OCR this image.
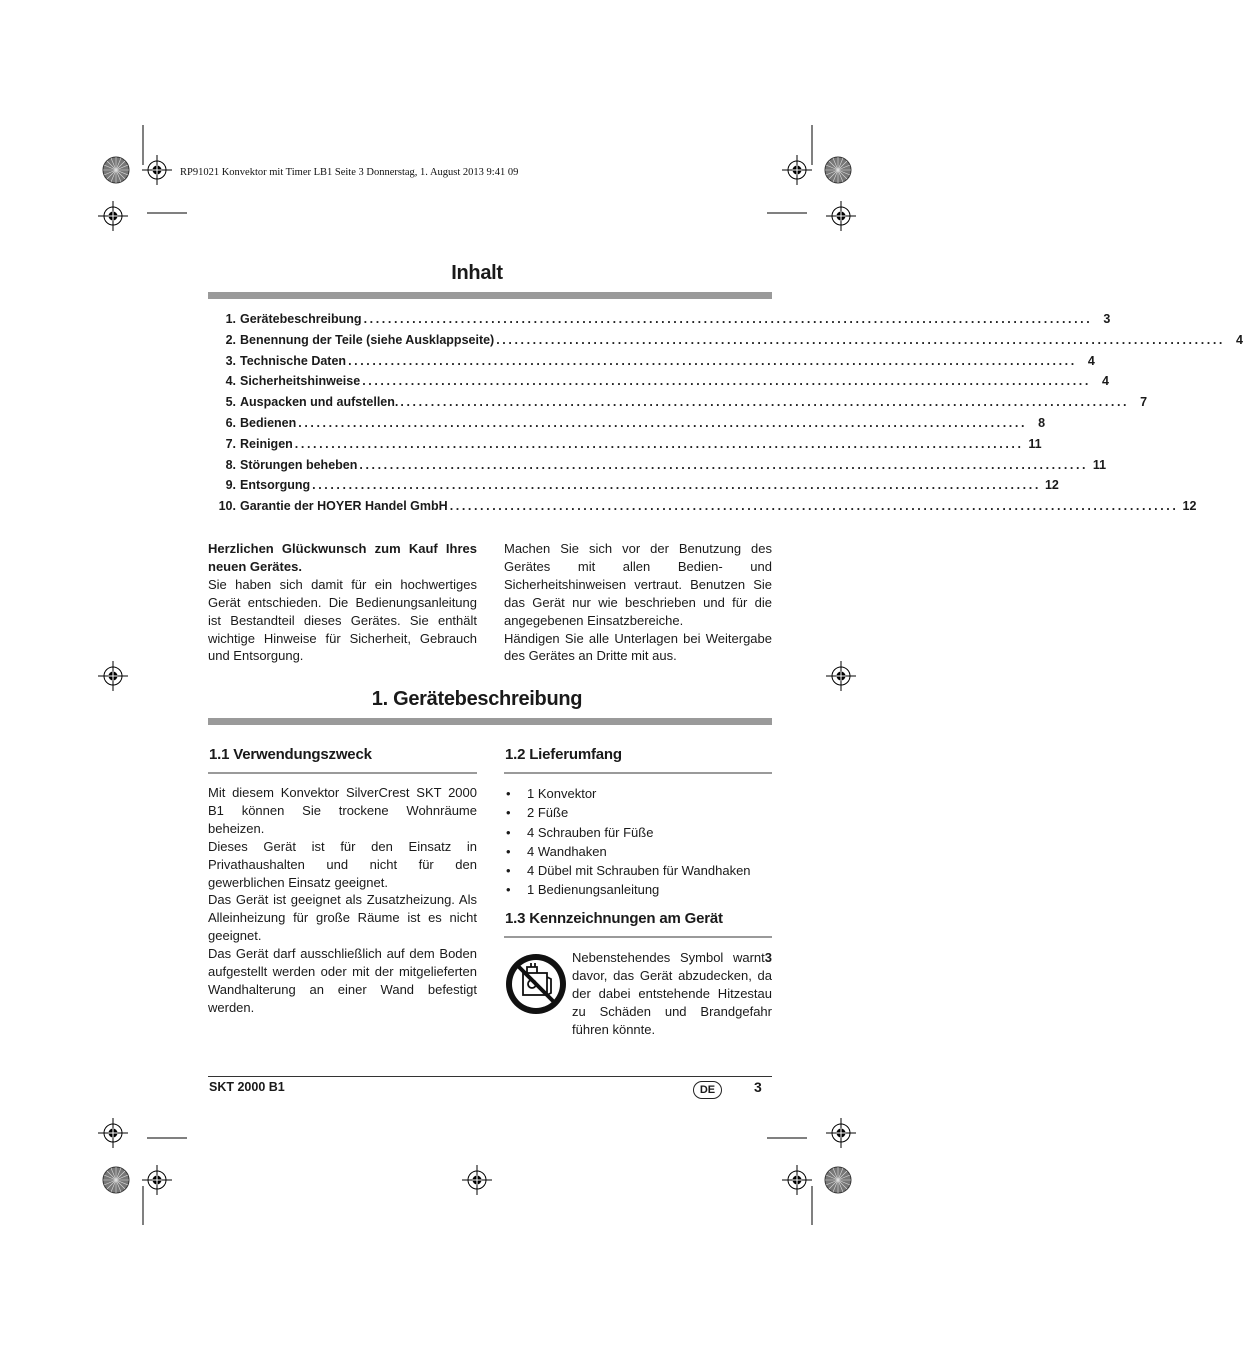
RP91021 Konvektor mit Timer LB1 Seite 3 Donnerstag, 1. August 2013 9:41 09
Inhalt
1. Gerätebeschreibung ........................................................................................................................ 3
2. Benennung der Teile (siehe Ausklappseite) ........................................................................................................................ 4
3. Technische Daten ........................................................................................................................ 4
4. Sicherheitshinweise ........................................................................................................................ 4
5. Auspacken und aufstellen. ........................................................................................................................ 7
6. Bedienen ........................................................................................................................ 8
7. Reinigen ........................................................................................................................ 11
8. Störungen beheben ........................................................................................................................ 11
9. Entsorgung ........................................................................................................................ 12
10. Garantie der HOYER Handel GmbH ........................................................................................................................ 12

Herzlichen Glückwunsch zum Kauf Ihres neuen Gerätes.

Sie haben sich damit für ein hochwertiges Gerät entschieden. Die Bedienungsanleitung ist Bestandteil dieses Gerätes. Sie enthält wichtige Hinweise für Sicherheit, Gebrauch und Entsorgung.

Machen Sie sich vor der Benutzung des Gerätes mit allen Bedien- und Sicherheitshinweisen vertraut. Benutzen Sie das Gerät nur wie beschrieben und für die angegebenen Einsatzbereiche.

Händigen Sie alle Unterlagen bei Weitergabe des Gerätes an Dritte mit aus.

1. Gerätebeschreibung
1.1 Verwendungszweck

Mit diesem Konvektor SilverCrest SKT 2000 B1 können Sie trockene Wohnräume beheizen.

Dieses Gerät ist für den Einsatz in Privathaushalten und nicht für den gewerblichen Einsatz geeignet.

Das Gerät ist geeignet als Zusatzheizung. Als Alleinheizung für große Räume ist es nicht geeignet.

Das Gerät darf ausschließlich auf dem Boden aufgestellt werden oder mit der mitgelieferten Wandhalterung an einer Wand befestigt werden.

1.2 Lieferumfang
• 1 Konvektor
• 2 Füße
• 4 Schrauben für Füße
• 4 Wandhaken
• 4 Dübel mit Schrauben für Wandhaken
• 1 Bedienungsanleitung
1.3 Kennzeichnungen am Gerät

Nebenstehendes Symbol 3
warnt davor, das Gerät abzudecken, da der dabei entstehende Hitzestau zu Schäden und Brandgefahr führen könnte.

SKT 2000 B1	DE	3
